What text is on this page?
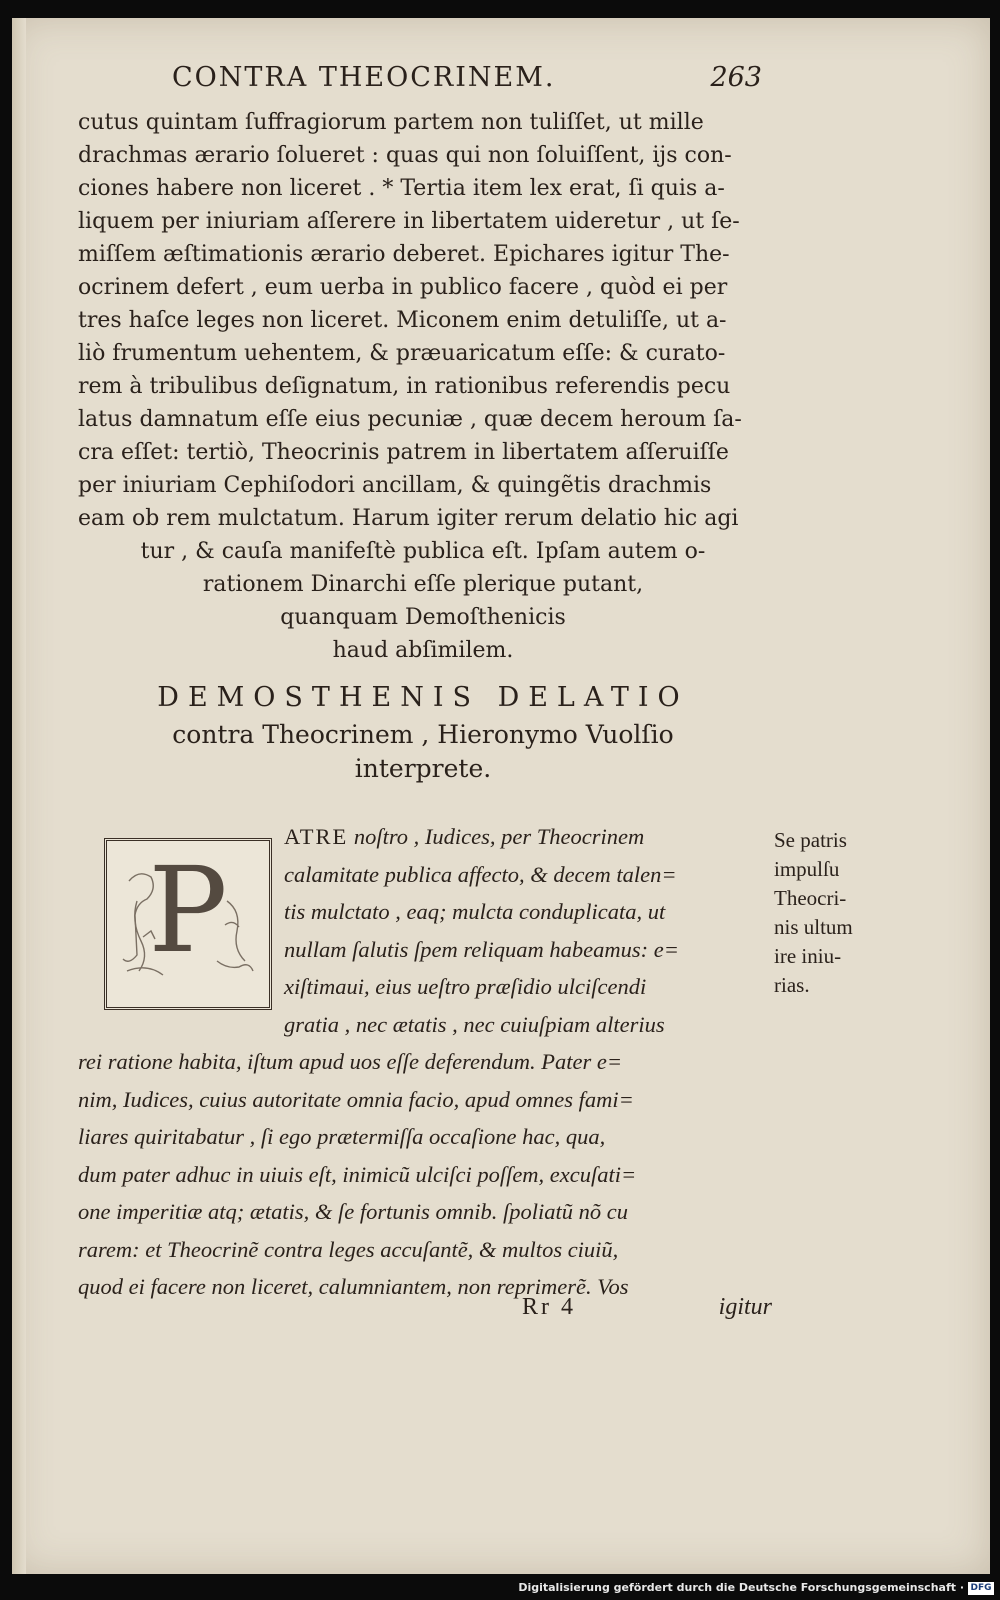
CONTRA THEOCRINEM.	263
cutus quintam ſuffragiorum partem non tuliſſet, ut mille
drachmas ærario ſolueret : quas qui non ſoluiſſent, ijs con-
ciones habere non liceret . * Tertia item lex erat, ſi quis a-
liquem per iniuriam aſſerere in libertatem uideretur , ut ſe-
miſſem æſtimationis ærario deberet. Epichares igitur The-
ocrinem defert , eum uerba in publico facere , quòd ei per
tres haſce leges non liceret. Miconem enim detuliſſe, ut a-
liò frumentum uehentem, & præuaricatum eſſe: & curato-
rem à tribulibus deſignatum, in rationibus referendis pecu
latus damnatum eſſe eius pecuniæ , quæ decem heroum ſa-
cra eſſet: tertiò, Theocrinis patrem in libertatem aſſeruiſſe
per iniuriam Cephiſodori ancillam, & quingẽtis drachmis
eam ob rem mulctatum. Harum igiter rerum delatio hic agi
tur , & cauſa manifeſtè publica eſt. Ipſam autem o-
rationem Dinarchi eſſe plerique putant,
quanquam Demoſthenicis
haud abſimilem.
DEMOSTHENIS DELATIO
contra Theocrinem , Hieronymo Vuolſio
interprete.
P
ATRE noſtro , Iudices, per Theocrinem
calamitate publica affecto, & decem talen=
tis mulctato , eaq; mulcta conduplicata, ut
nullam ſalutis ſpem reliquam habeamus: e=
xiſtimaui, eius ueſtro præſidio ulciſcendi
gratia , nec ætatis , nec cuiuſpiam alterius
rei ratione habita, iſtum apud uos eſſe deferendum. Pater e=
nim, Iudices, cuius autoritate omnia facio, apud omnes fami=
liares quiritabatur , ſi ego prætermiſſa occaſione hac, qua,
dum pater adhuc in uiuis eſt, inimicũ ulciſci poſſem, excuſati=
one imperitiæ atq; ætatis, & ſe fortunis omnib. ſpoliatũ nõ cu
rarem: et Theocrinẽ contra leges accuſantẽ, & multos ciuiũ,
quod ei facere non liceret, calumniantem, non reprimerẽ. Vos
Se patris
impulſu
Theocri-
nis ultum
ire iniu-
rias.
Rr 4	igitur
Digitalisierung gefördert durch die Deutsche Forschungsgemeinschaft · DFG
